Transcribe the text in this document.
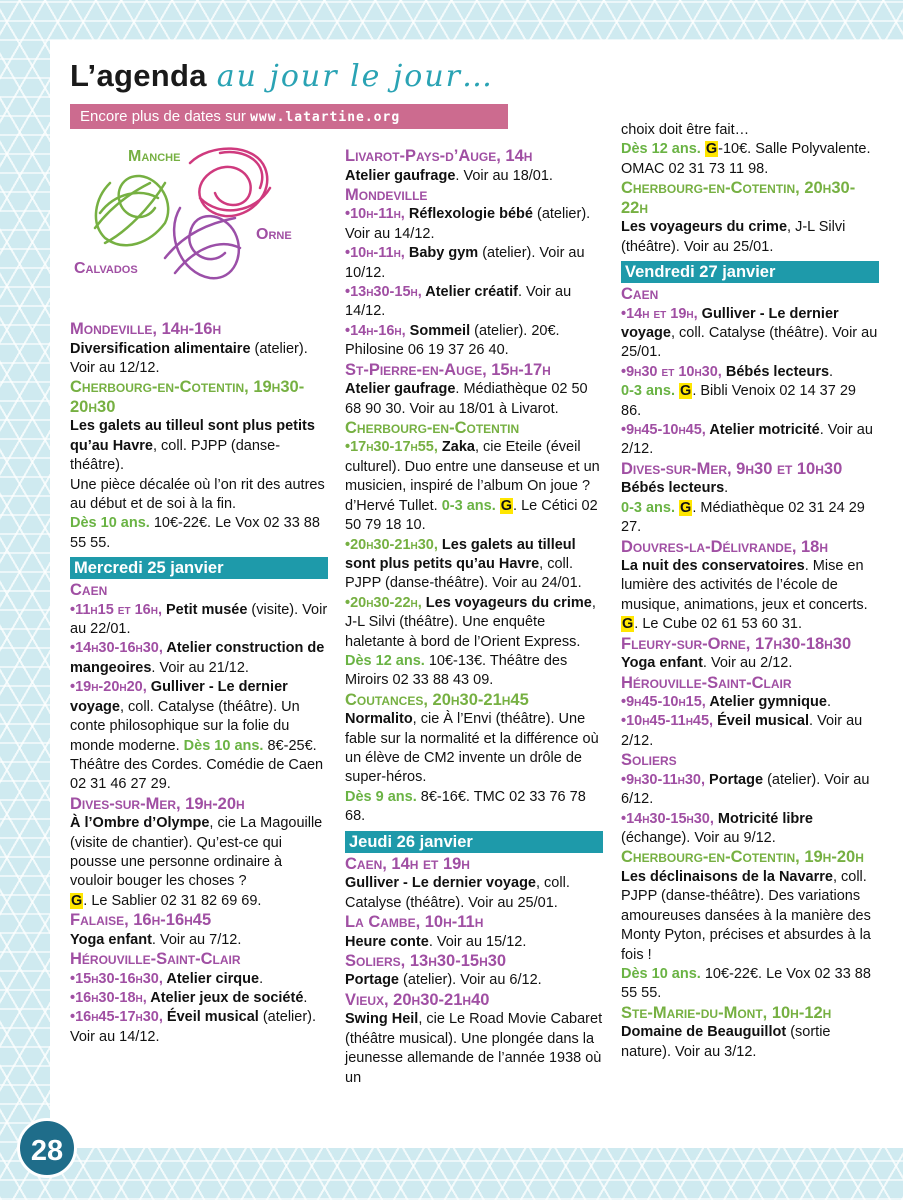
L’agenda au jour le jour…
Encore plus de dates sur www.latartine.org
Manche
Orne
Calvados

Mondeville, 14h-16h

Diversification alimentaire (atelier). Voir au 12/12.

Cherbourg-en-Cotentin, 19h30-20h30

Les galets au tilleul sont plus petits qu’au Havre, coll. PJPP (danse-théâtre).

Une pièce décalée où l’on rit des autres au début et de soi à la fin.

Dès 10 ans. 10€-22€. Le Vox 02 33 88 55 55.

Mercredi 25 janvier

Caen

•11h15 et 16h, Petit musée (visite). Voir au 22/01.

•14h30-16h30, Atelier construction de mangeoires. Voir au 21/12.

•19h-20h20, Gulliver - Le dernier voyage, coll. Catalyse (théâtre). Un conte philosophique sur la folie du monde moderne. Dès 10 ans. 8€-25€. Théâtre des Cordes. Comédie de Caen 02 31 46 27 29.

Dives-sur-Mer, 19h-20h

À l’Ombre d’Olympe, cie La Magouille (visite de chantier). Qu’est-ce qui pousse une personne ordinaire à vouloir bouger les choses ?

G. Le Sablier 02 31 82 69 69.

Falaise, 16h-16h45

Yoga enfant. Voir au 7/12.

Hérouville-Saint-Clair

•15h30-16h30, Atelier cirque.

•16h30-18h, Atelier jeux de société.

•16h45-17h30, Éveil musical (atelier). Voir au 14/12.

Livarot-Pays-d’Auge, 14h

Atelier gaufrage. Voir au 18/01.

Mondeville

•10h-11h, Réflexologie bébé (atelier). Voir au 14/12.

•10h-11h, Baby gym (atelier). Voir au 10/12.

•13h30-15h, Atelier créatif. Voir au 14/12.

•14h-16h, Sommeil (atelier). 20€. Philosine 06 19 37 26 40.

St-Pierre-en-Auge, 15h-17h

Atelier gaufrage. Médiathèque 02 50 68 90 30. Voir au 18/01 à Livarot.

Cherbourg-en-Cotentin

•17h30-17h55, Zaka, cie Eteile (éveil culturel). Duo entre une danseuse et un musicien, inspiré de l’album On joue ? d’Hervé Tullet. 0-3 ans. G. Le Cétici 02 50 79 18 10.

•20h30-21h30, Les galets au tilleul sont plus petits qu’au Havre, coll. PJPP (danse-théâtre). Voir au 24/01.

•20h30-22h, Les voyageurs du crime, J-L Silvi (théâtre). Une enquête haletante à bord de l’Orient Express. Dès 12 ans. 10€-13€. Théâtre des Miroirs 02 33 88 43 09.

Coutances, 20h30-21h45

Normalito, cie À l’Envi (théâtre). Une fable sur la normalité et la différence où un élève de CM2 invente un drôle de super-héros.

Dès 9 ans. 8€-16€. TMC 02 33 76 78 68.

Jeudi 26 janvier

Caen, 14h et 19h

Gulliver - Le dernier voyage, coll. Catalyse (théâtre). Voir au 25/01.

La Cambe, 10h-11h

Heure conte. Voir au 15/12.

Soliers, 13h30-15h30

Portage (atelier). Voir au 6/12.

Vieux, 20h30-21h40

Swing Heil, cie Le Road Movie Cabaret (théâtre musical). Une plongée dans la jeunesse allemande de l’année 1938 où un

choix doit être fait…

Dès 12 ans. G-10€. Salle Polyvalente. OMAC 02 31 73 11 98.

Cherbourg-en-Cotentin, 20h30-22h

Les voyageurs du crime, J-L Silvi (théâtre). Voir au 25/01.

Vendredi 27 janvier

Caen

•14h et 19h, Gulliver - Le dernier voyage, coll. Catalyse (théâtre). Voir au 25/01.

•9h30 et 10h30, Bébés lecteurs.
0-3 ans. G. Bibli Venoix 02 14 37 29 86.

•9h45-10h45, Atelier motricité. Voir au 2/12.

Dives-sur-Mer, 9h30 et 10h30

Bébés lecteurs.

0-3 ans. G. Médiathèque 02 31 24 29 27.

Douvres-la-Délivrande, 18h

La nuit des conservatoires. Mise en lumière des activités de l’école de musique, animations, jeux et concerts.

G. Le Cube 02 61 53 60 31.

Fleury-sur-Orne, 17h30-18h30

Yoga enfant. Voir au 2/12.

Hérouville-Saint-Clair

•9h45-10h15, Atelier gymnique.

•10h45-11h45, Éveil musical. Voir au 2/12.

Soliers

•9h30-11h30, Portage (atelier). Voir au 6/12.

•14h30-15h30, Motricité libre (échange). Voir au 9/12.

Cherbourg-en-Cotentin, 19h-20h

Les déclinaisons de la Navarre, coll. PJPP (danse-théâtre). Des variations amoureuses dansées à la manière des Monty Pyton, précises et absurdes à la fois !

Dès 10 ans. 10€-22€. Le Vox 02 33 88 55 55.

Ste-Marie-du-Mont, 10h-12h

Domaine de Beauguillot (sortie nature). Voir au 3/12.

28
